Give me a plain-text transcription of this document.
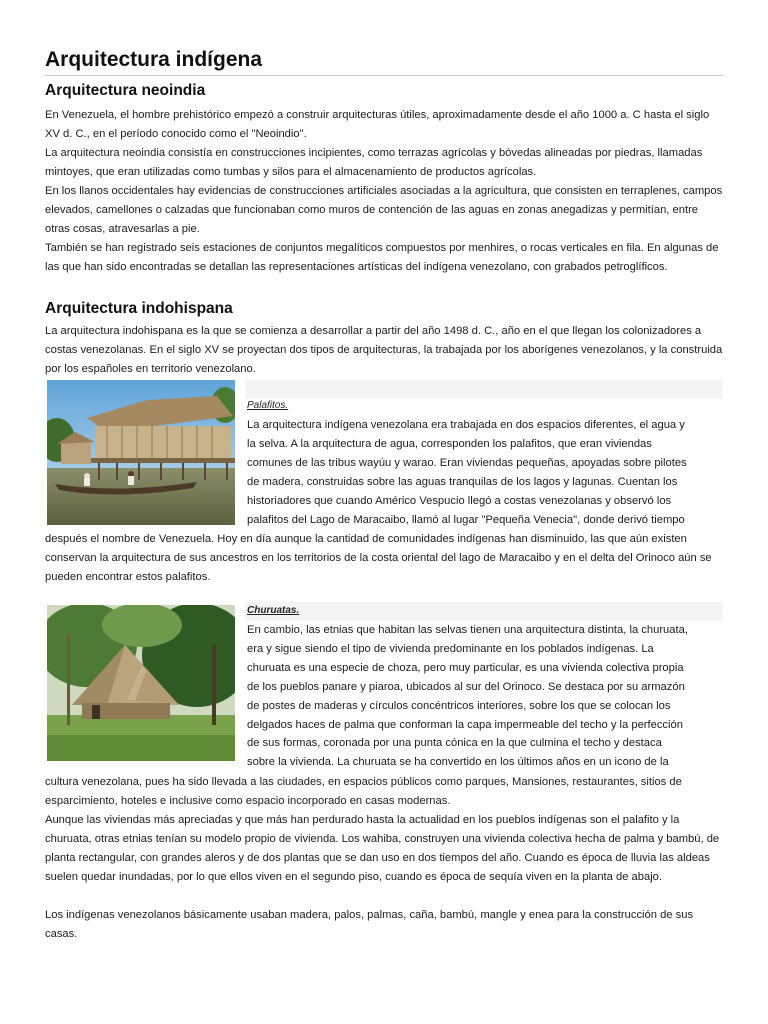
Arquitectura indígena
Arquitectura neoindia

En Venezuela, el hombre prehistórico empezó a construir arquitecturas útiles, aproximadamente desde el año 1000 a. C hasta el siglo XV d. C., en el período conocido como el "Neoindio".

La arquitectura neoindia consistía en construcciones incipientes, como terrazas agrícolas y bóvedas alineadas por piedras, llamadas mintoyes, que eran utilizadas como tumbas y silos para el almacenamiento de productos agrícolas.

En los llanos occidentales hay evidencias de construcciones artificiales asociadas a la agricultura, que consisten en terraplenes, campos elevados, camellones o calzadas que funcionaban como muros de contención de las aguas en zonas anegadizas y permitían, entre otras cosas, atravesarlas a pie.

También se han registrado seis estaciones de conjuntos megalíticos compuestos por menhires, o rocas verticales en fila. En algunas de las que han sido encontradas se detallan las representaciones artísticas del indígena venezolano, con grabados petroglíficos.

Arquitectura indohispana

La arquitectura indohispana es la que se comienza a desarrollar a partir del año 1498 d. C., año en el que llegan los colonizadores a costas venezolanas. En el siglo XV se proyectan dos tipos de arquitecturas, la trabajada por los aborígenes venezolanos, y la construida por los españoles en territorio venezolano.

Palafitos.
La arquitectura indígena venezolana era trabajada en dos espacios diferentes, el agua y
la selva. A la arquitectura de agua, corresponden los palafitos, que eran viviendas
comunes de las tribus wayúu y warao. Eran viviendas pequeñas, apoyadas sobre pilotes
de madera, construidas sobre las aguas tranquilas de los lagos y lagunas. Cuentan los
historiadores que cuando Américo Vespucio llegó a costas venezolanas y observó los
palafitos del Lago de Maracaibo, llamó al lugar "Pequeña Venecia", donde derivó tiempo

después el nombre de Venezuela. Hoy en día aunque la cantidad de comunidades indígenas han disminuido, las que aún existen conservan la arquitectura de sus ancestros en los territorios de la costa oriental del lago de Maracaibo y en el delta del Orinoco aún se pueden encontrar estos palafitos.

Churuatas.
En cambio, las etnias que habitan las selvas tienen una arquitectura distinta, la churuata,
era y sigue siendo el tipo de vivienda predominante en los poblados indígenas. La
churuata es una especie de choza, pero muy particular, es una vivienda colectiva propia
de los pueblos panare y piaroa, ubicados al sur del Orinoco. Se destaca por su armazón
de postes de maderas y círculos concéntricos interiores, sobre los que se colocan los
delgados haces de palma que conforman la capa impermeable del techo y la perfección
de sus formas, coronada por una punta cónica en la que culmina el techo y destaca
sobre la vivienda. La churuata se ha convertido en los últimos años en un icono de la

cultura venezolana, pues ha sido llevada a las ciudades, en espacios públicos como parques, Mansiones, restaurantes, sitios de esparcimiento, hoteles e inclusive como espacio incorporado en casas modernas.

Aunque las viviendas más apreciadas y que más han perdurado hasta la actualidad en los pueblos indígenas son el palafito y la churuata, otras etnias tenían su modelo propio de vivienda. Los wahiba, construyen una vivienda colectiva hecha de palma y bambú, de planta rectangular, con grandes aleros y de dos plantas que se dan uso en dos tiempos del año. Cuando es época de lluvia las aldeas suelen quedar inundadas, por lo que ellos viven en el segundo piso, cuando es época de sequía viven en la planta de abajo.

Los indígenas venezolanos básicamente usaban madera, palos, palmas, caña, bambú, mangle y enea para la construcción de sus casas.
